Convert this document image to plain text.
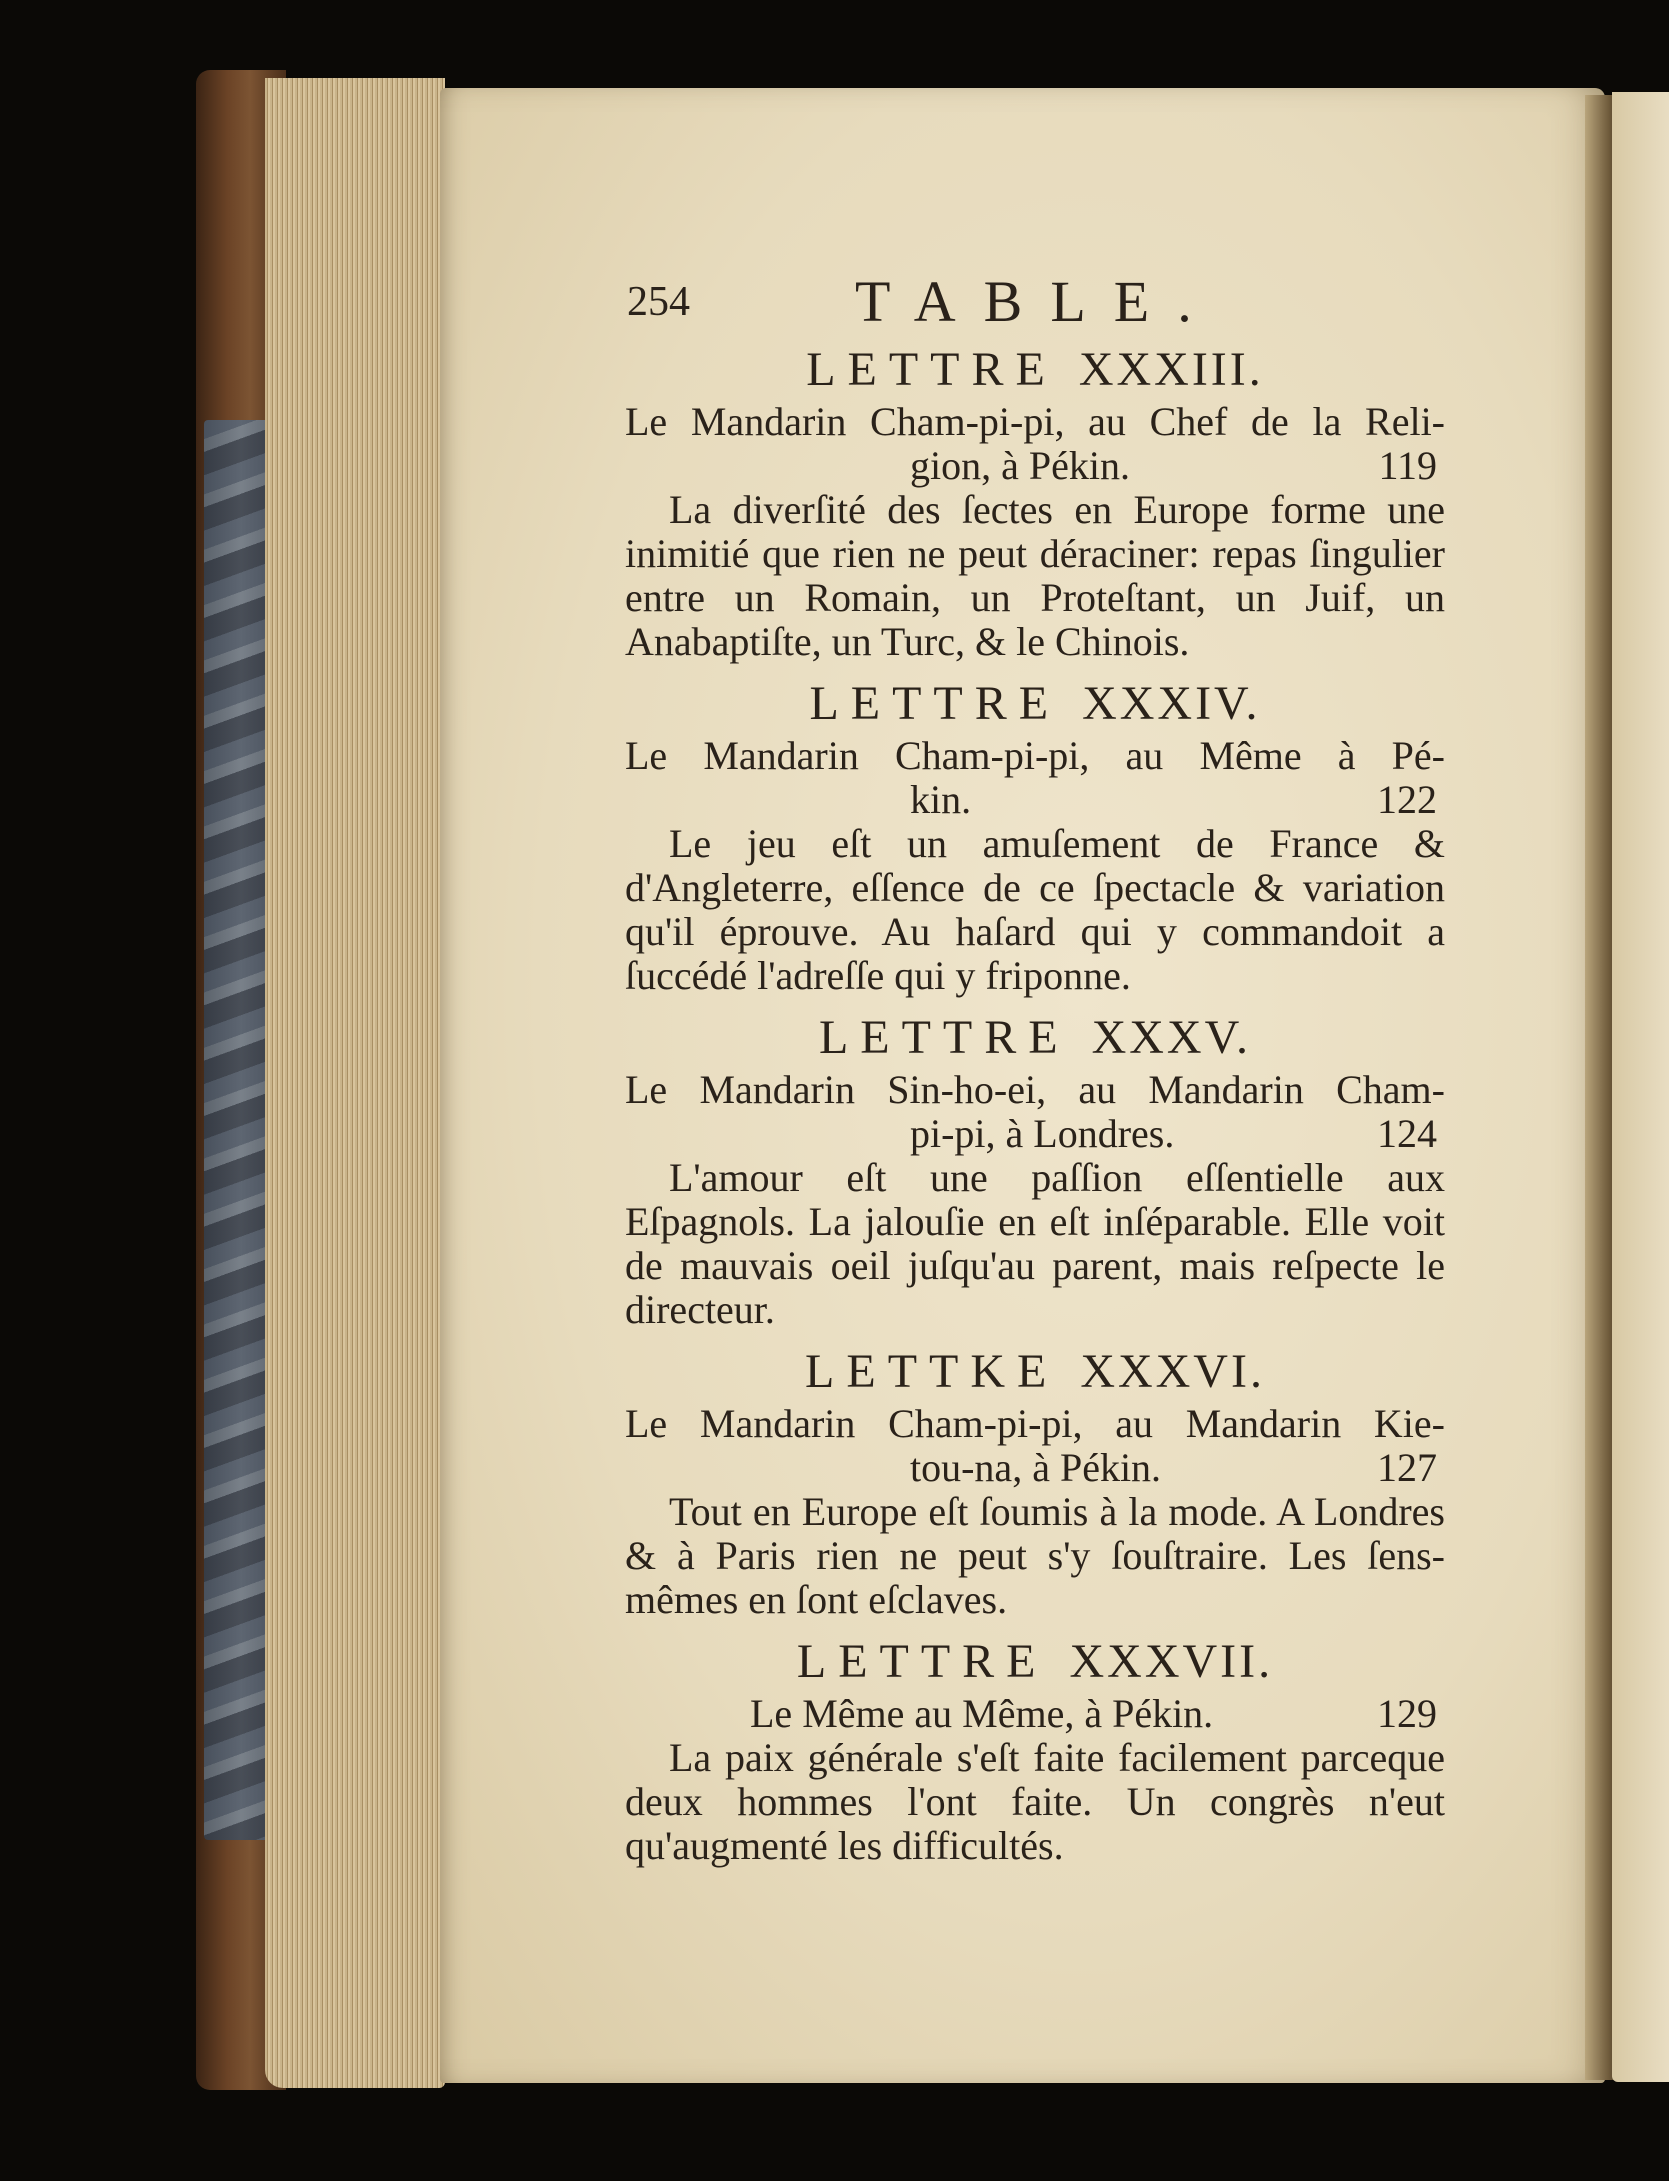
254	TABLE.
LETTRE XXXIII.
Le Mandarin Cham-pi-pi, au Chef de la Reli-
gion, à Pékin.	119
La diverſité des ſectes en Europe forme une inimitié que rien ne peut déraciner: repas ſingulier entre un Romain, un Proteſtant, un Juif, un Anabaptiſte, un Turc, & le Chinois.
LETTRE XXXIV.
Le Mandarin Cham-pi-pi, au Même à Pé-
kin.	122
Le jeu eſt un amuſement de France & d'Angleterre, eſſence de ce ſpectacle & variation qu'il éprouve. Au haſard qui y commandoit a ſuccédé l'adreſſe qui y friponne.
LETTRE XXXV.
Le Mandarin Sin-ho-ei, au Mandarin Cham-
pi-pi, à Londres.	124
L'amour eſt une paſſion eſſentielle aux Eſpagnols. La jalouſie en eſt inſéparable. Elle voit de mauvais oeil juſqu'au parent, mais reſpecte le directeur.
LETTKE XXXVI.
Le Mandarin Cham-pi-pi, au Mandarin Kie-
tou-na, à Pékin.	127
Tout en Europe eſt ſoumis à la mode. A Londres & à Paris rien ne peut s'y ſouſtraire. Les ſens-mêmes en ſont eſclaves.
LETTRE XXXVII.
Le Même au Même, à Pékin.	129
La paix générale s'eſt faite facilement parceque deux hommes l'ont faite. Un congrès n'eut qu'augmenté les difficultés.
